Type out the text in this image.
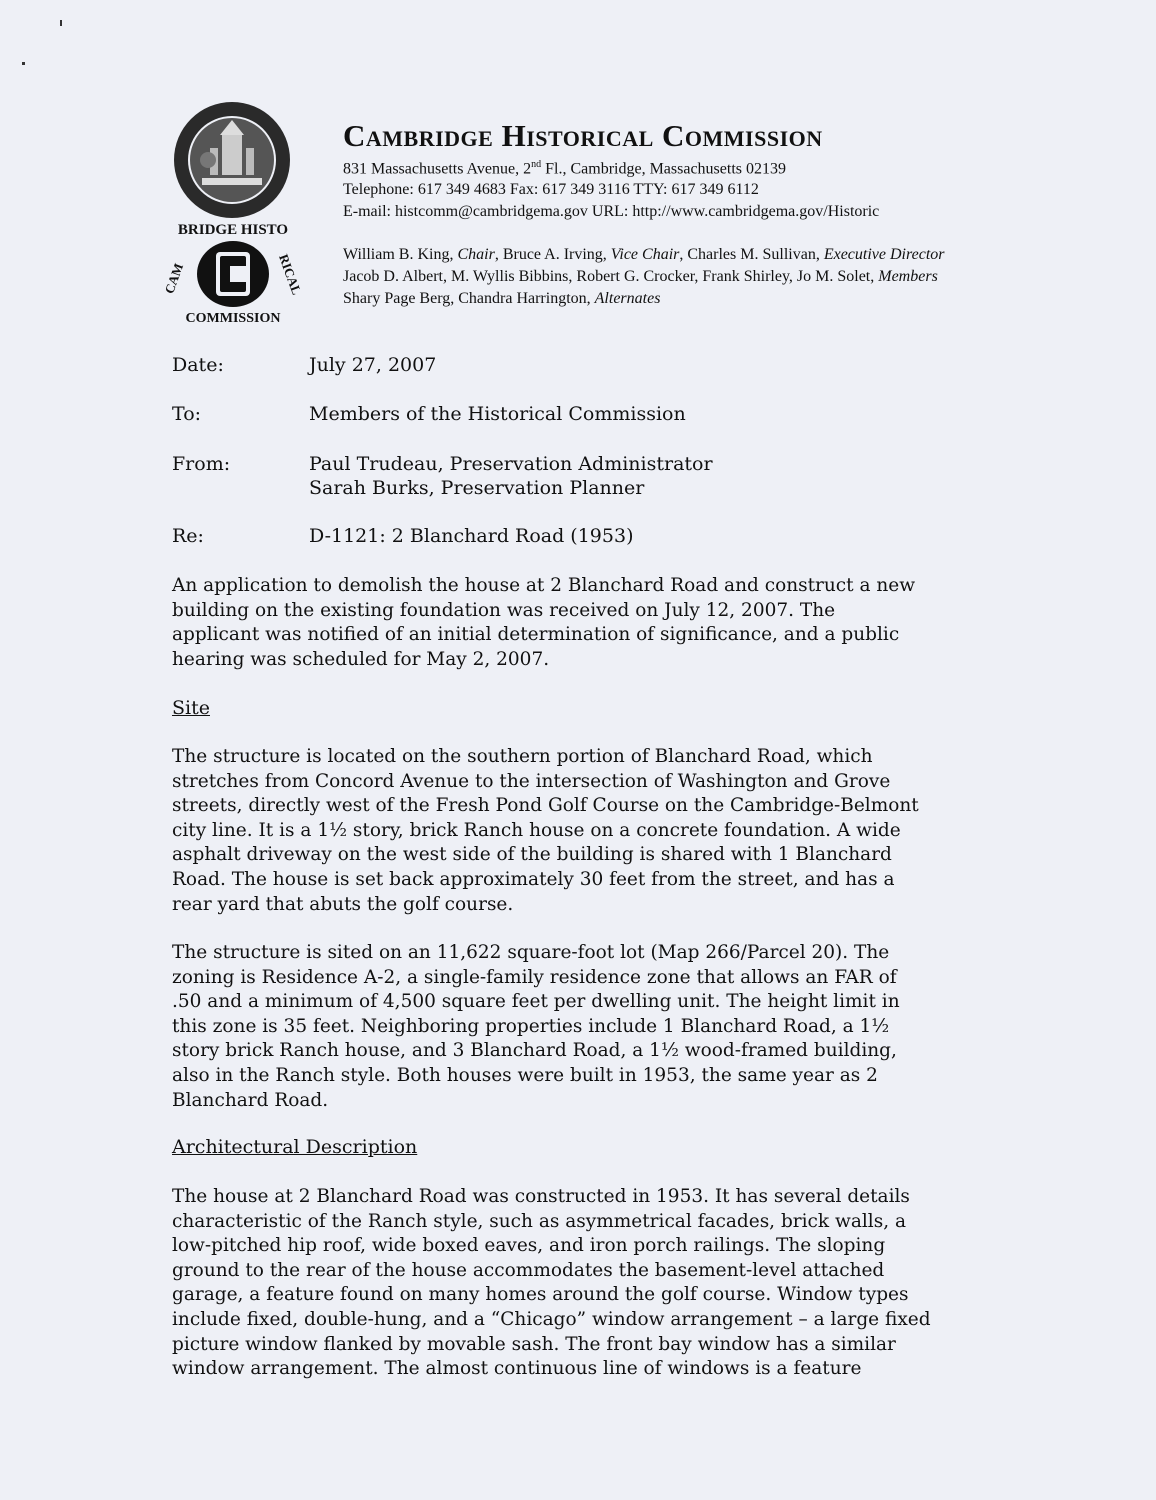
BRIDGE HISTO
CAM	RICAL
COMMISSION
Cambridge Historical Commission
831 Massachusetts Avenue, 2nd Fl., Cambridge, Massachusetts 02139
Telephone: 617 349 4683 Fax: 617 349 3116 TTY: 617 349 6112
E-mail: histcomm@cambridgema.gov URL: http://www.cambridgema.gov/Historic
William B. King, Chair, Bruce A. Irving, Vice Chair, Charles M. Sullivan, Executive Director
Jacob D. Albert, M. Wyllis Bibbins, Robert G. Crocker, Frank Shirley, Jo M. Solet, Members
Shary Page Berg, Chandra Harrington, Alternates
Date:	July 27, 2007
To:	Members of the Historical Commission
From:	Paul Trudeau, Preservation Administrator
Sarah Burks, Preservation Planner
Re:	D-1121: 2 Blanchard Road (1953)
An application to demolish the house at 2 Blanchard Road and construct a new
building on the existing foundation was received on July 12, 2007. The
applicant was notified of an initial determination of significance, and a public
hearing was scheduled for May 2, 2007.
Site
The structure is located on the southern portion of Blanchard Road, which
stretches from Concord Avenue to the intersection of Washington and Grove
streets, directly west of the Fresh Pond Golf Course on the Cambridge-Belmont
city line. It is a 1½ story, brick Ranch house on a concrete foundation. A wide
asphalt driveway on the west side of the building is shared with 1 Blanchard
Road. The house is set back approximately 30 feet from the street, and has a
rear yard that abuts the golf course.
The structure is sited on an 11,622 square-foot lot (Map 266/Parcel 20). The
zoning is Residence A-2, a single-family residence zone that allows an FAR of
.50 and a minimum of 4,500 square feet per dwelling unit. The height limit in
this zone is 35 feet. Neighboring properties include 1 Blanchard Road, a 1½
story brick Ranch house, and 3 Blanchard Road, a 1½ wood-framed building,
also in the Ranch style. Both houses were built in 1953, the same year as 2
Blanchard Road.
Architectural Description
The house at 2 Blanchard Road was constructed in 1953. It has several details
characteristic of the Ranch style, such as asymmetrical facades, brick walls, a
low-pitched hip roof, wide boxed eaves, and iron porch railings. The sloping
ground to the rear of the house accommodates the basement-level attached
garage, a feature found on many homes around the golf course. Window types
include fixed, double-hung, and a “Chicago” window arrangement – a large fixed
picture window flanked by movable sash. The front bay window has a similar
window arrangement. The almost continuous line of windows is a feature
